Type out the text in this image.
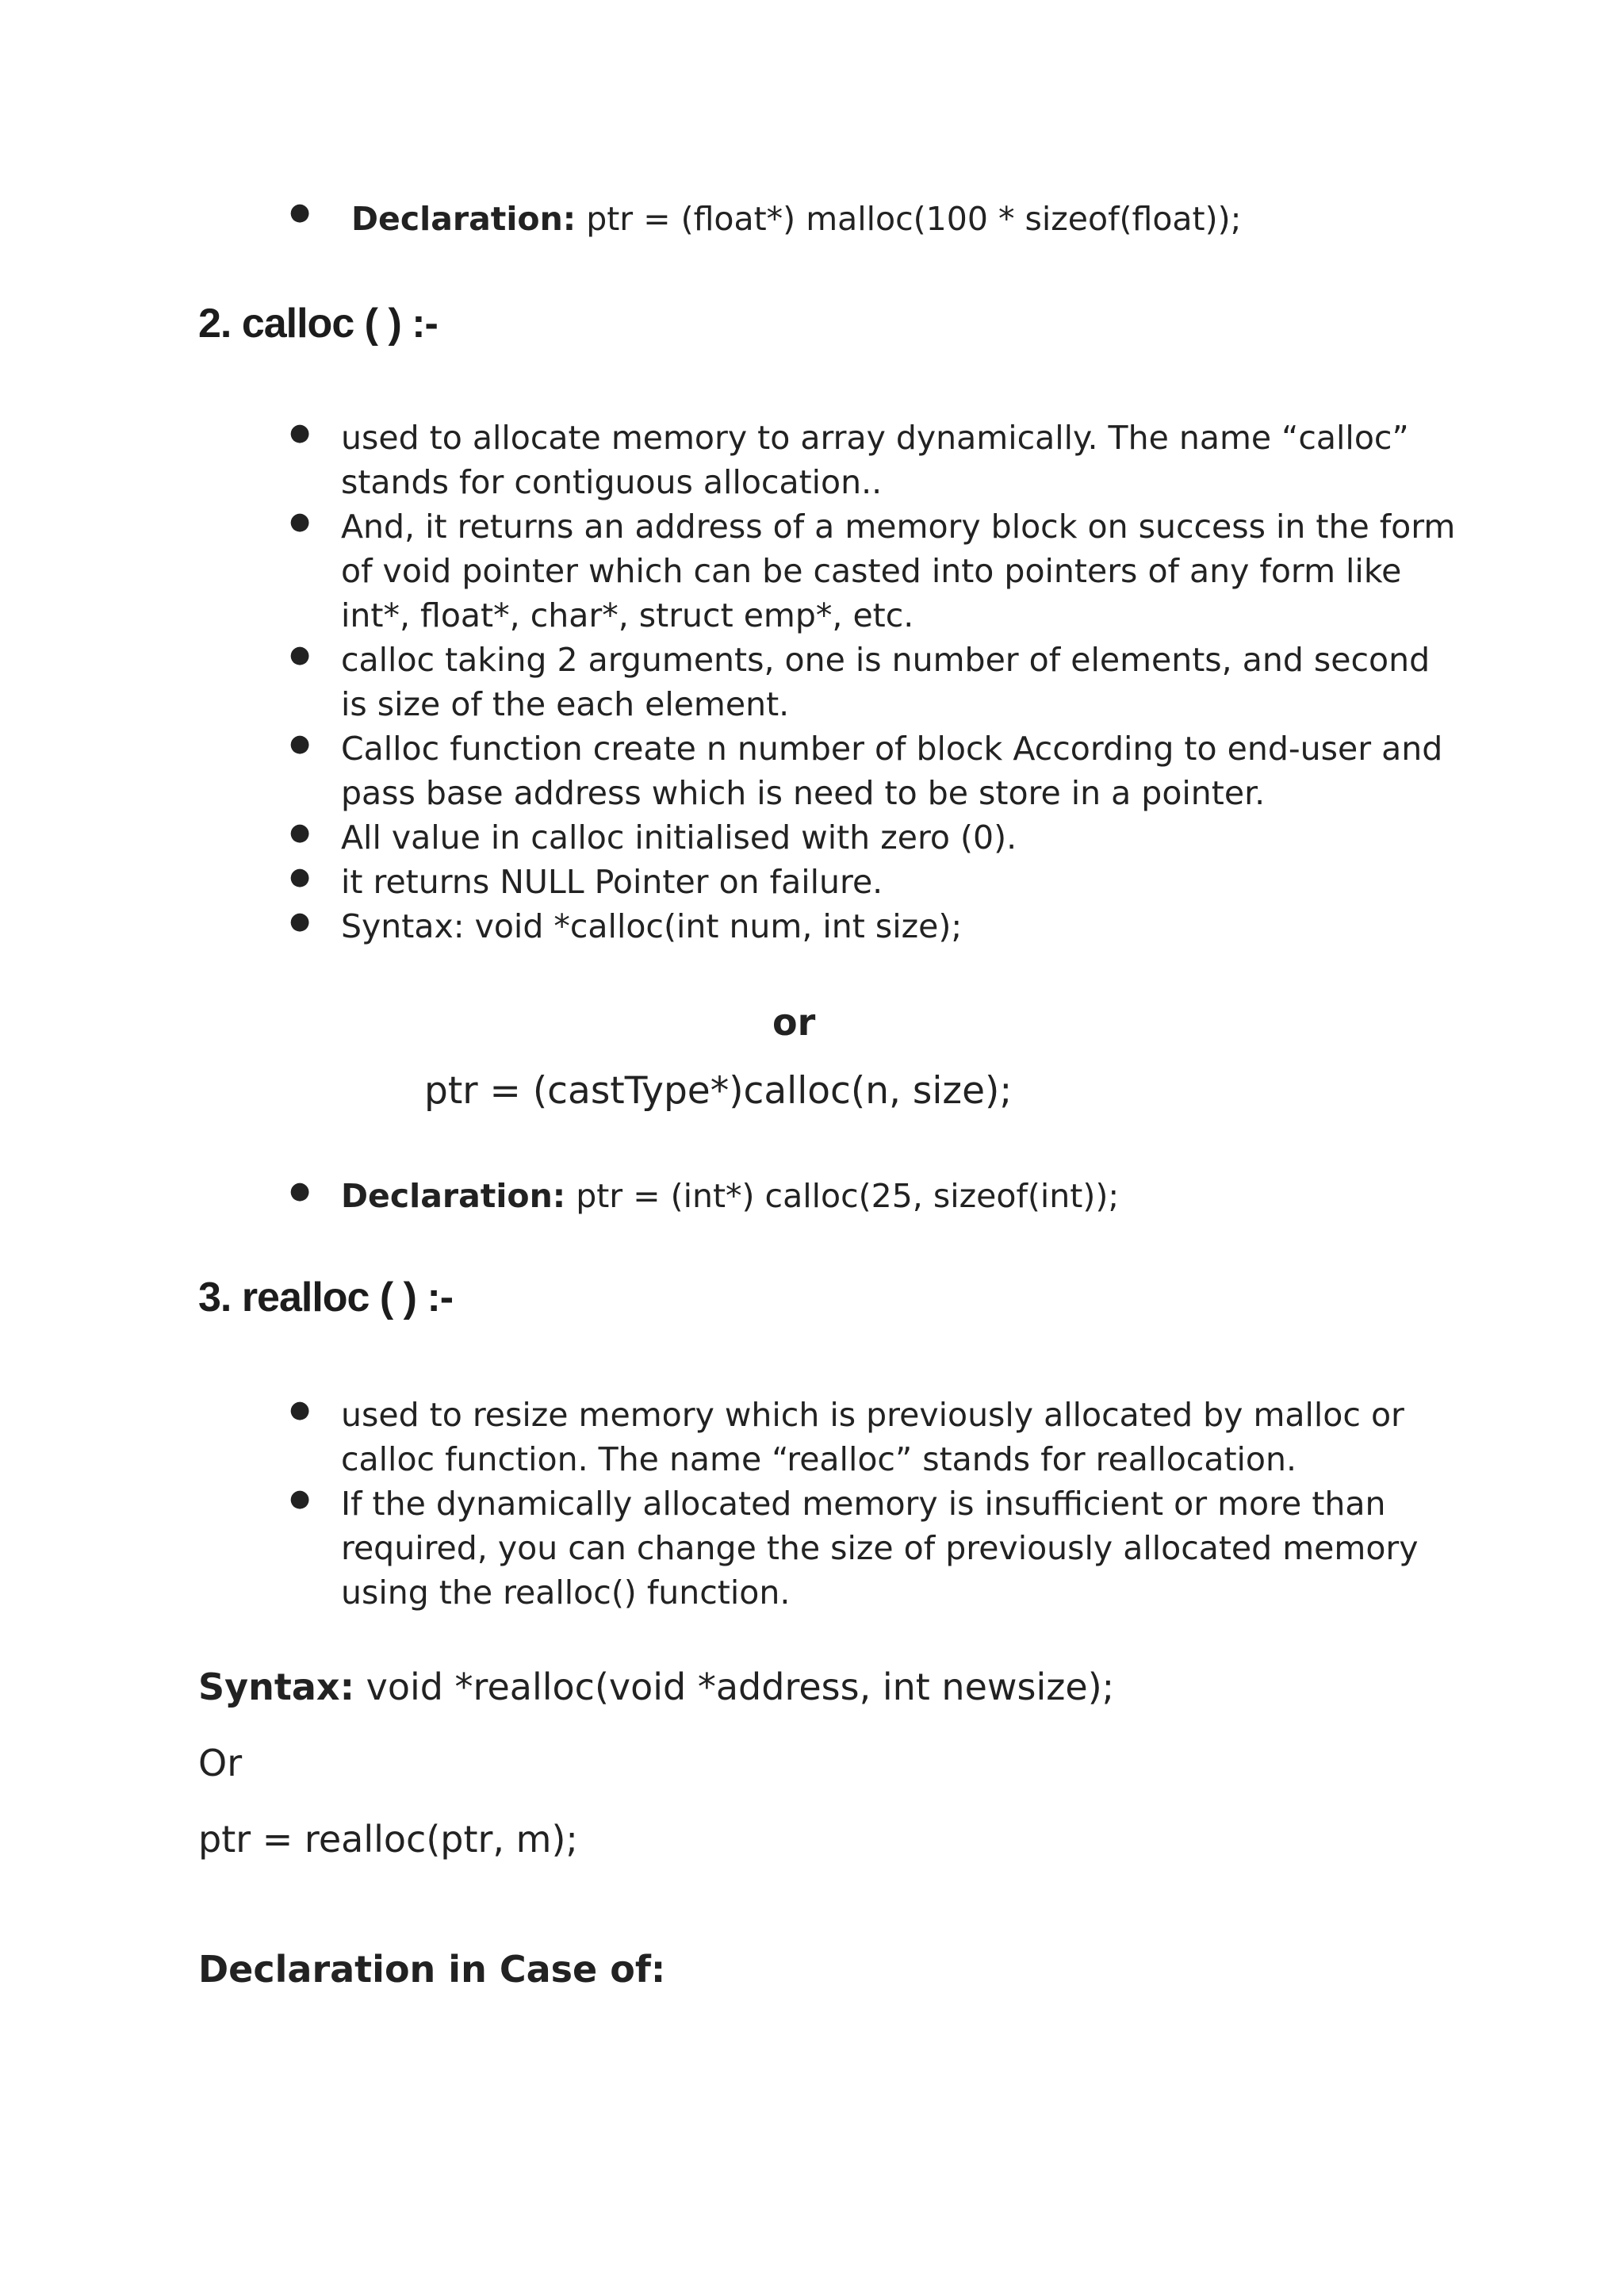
● Declaration: ptr = (float*) malloc(100 * sizeof(float));
2. calloc ( ) :-
● used to allocate memory to array dynamically. The name “calloc”
stands for contiguous allocation..
● And, it returns an address of a memory block on success in the form
of void pointer which can be casted into pointers of any form like
int*, float*, char*, struct emp*, etc.
● calloc taking 2 arguments, one is number of elements, and second
is size of the each element.
● Calloc function create n number of block According to end-user and
pass base address which is need to be store in a pointer.
● All value in calloc initialised with zero (0).
● it returns NULL Pointer on failure.
● Syntax: void *calloc(int num, int size);
or
ptr = (castType*)calloc(n, size);
● Declaration: ptr = (int*) calloc(25, sizeof(int));
3. realloc ( ) :-
● used to resize memory which is previously allocated by malloc or
calloc function. The name “realloc” stands for reallocation.
● If the dynamically allocated memory is insufficient or more than
required, you can change the size of previously allocated memory
using the realloc() function.
Syntax: void *realloc(void *address, int newsize);
Or
ptr = realloc(ptr, m);
Declaration in Case of:
